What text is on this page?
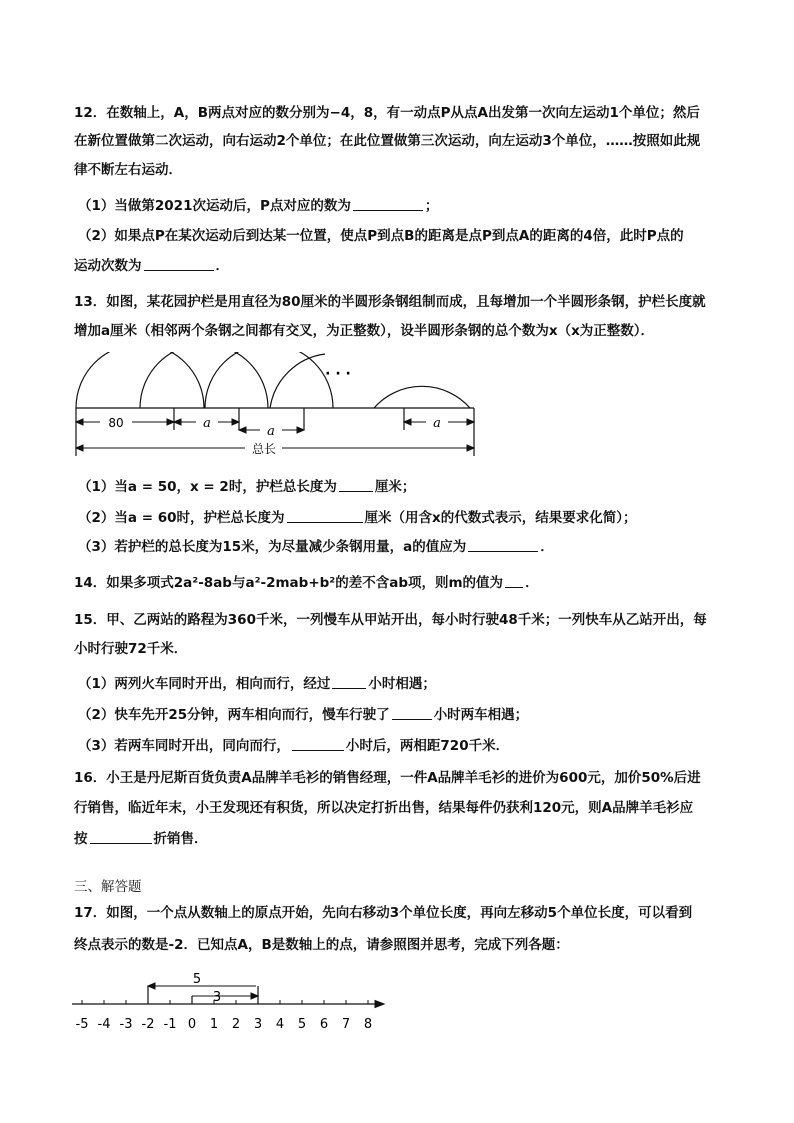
12．在数轴上，A，B两点对应的数分别为−4，8，有一动点P从点A出发第一次向左运动1个单位；然后
在新位置做第二次运动，向右运动2个单位；在此位置做第三次运动，向左运动3个单位，……按照如此规
律不断左右运动．
（1）当做第2021次运动后，P点对应的数为	；
（2）如果点P在某次运动后到达某一位置，使点P到点B的距离是点P到点A的距离的4倍，此时P点的
运动次数为	．
13．如图，某花园护栏是用直径为80厘米的半圆形条钢组制而成，且每增加一个半圆形条钢，护栏长度就
增加a厘米（相邻两个条钢之间都有交叉，为正整数），设半圆形条钢的总个数为x（x为正整数）．
80	a
a
a
总长
· · ·
（1）当a = 50，x = 2时，护栏总长度为	厘米；
（2）当a = 60时，护栏总长度为	厘米（用含x的代数式表示，结果要求化简）；
（3）若护栏的总长度为15米，为尽量减少条钢用量，a的值应为	．
14．如果多项式2a²-8ab与a²-2mab+b²的差不含ab项，则m的值为 ．
15．甲、乙两站的路程为360千米，一列慢车从甲站开出，每小时行驶48千米；一列快车从乙站开出，每
小时行驶72千米．
（1）两列火车同时开出，相向而行，经过	小时相遇；
（2）快车先开25分钟，两车相向而行，慢车行驶了	小时两车相遇；
（3）若两车同时开出，同向而行，	小时后，两相距720千米．
16．小王是丹尼斯百货负责A品牌羊毛衫的销售经理，一件A品牌羊毛衫的进价为600元，加价50%后进
行销售，临近年末，小王发现还有积货，所以决定打折出售，结果每件仍获利120元，则A品牌羊毛衫应
按	折销售．
三、解答题
17．如图，一个点从数轴上的原点开始，先向右移动3个单位长度，再向左移动5个单位长度，可以看到
终点表示的数是-2．已知点A，B是数轴上的点，请参照图并思考，完成下列各题：
5
3
-5 -4 -3 -2 -1 0 1 2 3 4 5 6 7 8
